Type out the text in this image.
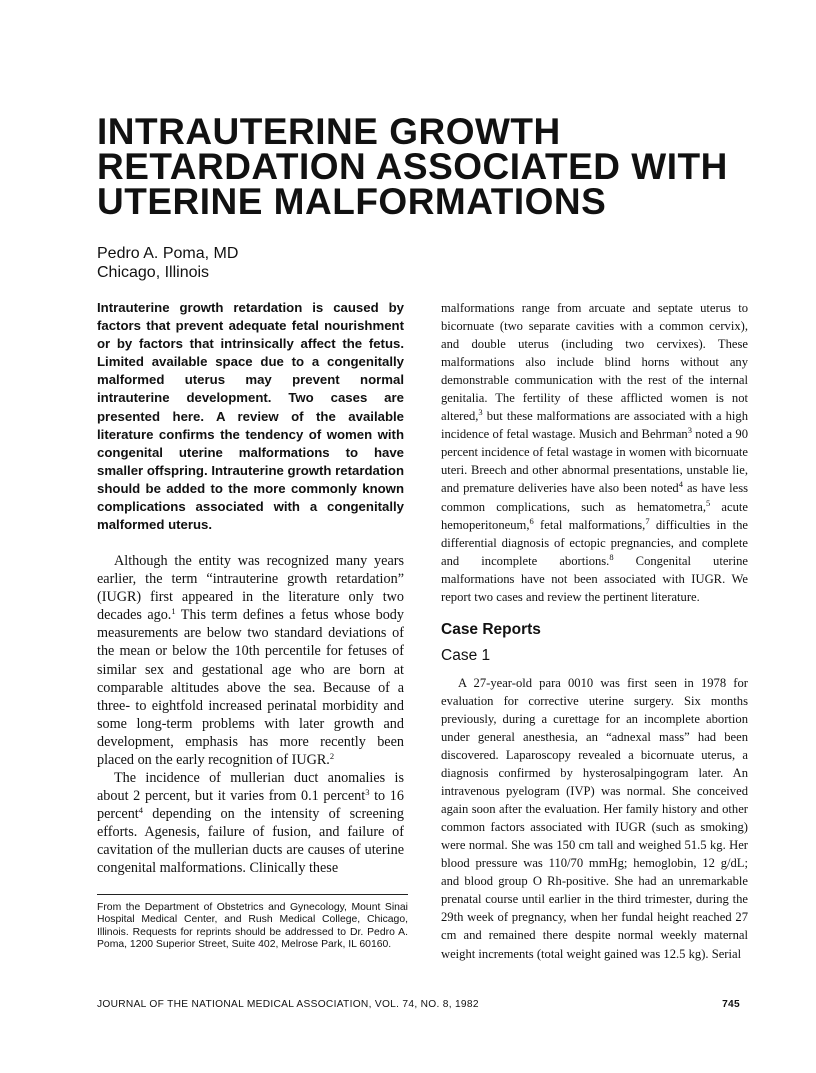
INTRAUTERINE GROWTH
RETARDATION ASSOCIATED WITH
UTERINE MALFORMATIONS
Pedro A. Poma, MD
Chicago, Illinois

Intrauterine growth retardation is caused by factors that prevent adequate fetal nourishment or by factors that intrinsically affect the fetus. Limited available space due to a congenitally malformed uterus may prevent normal intrauterine development. Two cases are presented here. A review of the available literature confirms the tendency of women with congenital uterine malformations to have smaller offspring. Intrauterine growth retardation should be added to the more commonly known complications associated with a congenitally malformed uterus.

Although the entity was recognized many years earlier, the term “intrauterine growth retardation” (IUGR) first appeared in the literature only two decades ago.$^1$ This term defines a fetus whose body measurements are below two standard deviations of the mean or below the 10th percentile for fetuses of similar sex and gestational age who are born at comparable altitudes above the sea. Because of a three- to eightfold increased perinatal morbidity and some long-term problems with later growth and development, emphasis has more recently been placed on the early recognition of IUGR.$^2$

The incidence of mullerian duct anomalies is about 2 percent, but it varies from 0.1 percent$^3$ to 16 percent$^4$ depending on the intensity of screening efforts. Agenesis, failure of fusion, and failure of cavitation of the mullerian ducts are causes of uterine congenital malformations. Clinically these

malformations range from arcuate and septate uterus to bicornuate (two separate cavities with a common cervix), and double uterus (including two cervixes). These malformations also include blind horns without any demonstrable communication with the rest of the internal genitalia. The fertility of these afflicted women is not altered,$^3$ but these malformations are associated with a high incidence of fetal wastage. Musich and Behrman$^3$ noted a 90 percent incidence of fetal wastage in women with bicornuate uteri. Breech and other abnormal presentations, unstable lie, and premature deliveries have also been noted$^4$ as have less common complications, such as hematometra,$^5$ acute hemoperitoneum,$^6$ fetal malformations,$^7$ difficulties in the differential diagnosis of ectopic pregnancies, and complete and incomplete abortions.$^8$ Congenital uterine malformations have not been associated with IUGR. We report two cases and review the pertinent literature.

Case Reports
Case 1

A 27-year-old para 0010 was first seen in 1978 for evaluation for corrective uterine surgery. Six months previously, during a curettage for an incomplete abortion under general anesthesia, an “adnexal mass” had been discovered. Laparoscopy revealed a bicornuate uterus, a diagnosis confirmed by hysterosalpingogram later. An intravenous pyelogram (IVP) was normal. She conceived again soon after the evaluation. Her family history and other common factors associated with IUGR (such as smoking) were normal. She was 150 cm tall and weighed 51.5 kg. Her blood pressure was 110/70 mmHg; hemoglobin, 12 g/dL; and blood group O Rh-positive. She had an unremarkable prenatal course until earlier in the third trimester, during the 29th week of pregnancy, when her fundal height reached 27 cm and remained there despite normal weekly maternal weight increments (total weight gained was 12.5 kg). Serial

From the Department of Obstetrics and Gynecology, Mount Sinai Hospital Medical Center, and Rush Medical College, Chicago, Illinois. Requests for reprints should be addressed to Dr. Pedro A. Poma, 1200 Superior Street, Suite 402, Melrose Park, IL 60160.

JOURNAL OF THE NATIONAL MEDICAL ASSOCIATION, VOL. 74, NO. 8, 1982	745
